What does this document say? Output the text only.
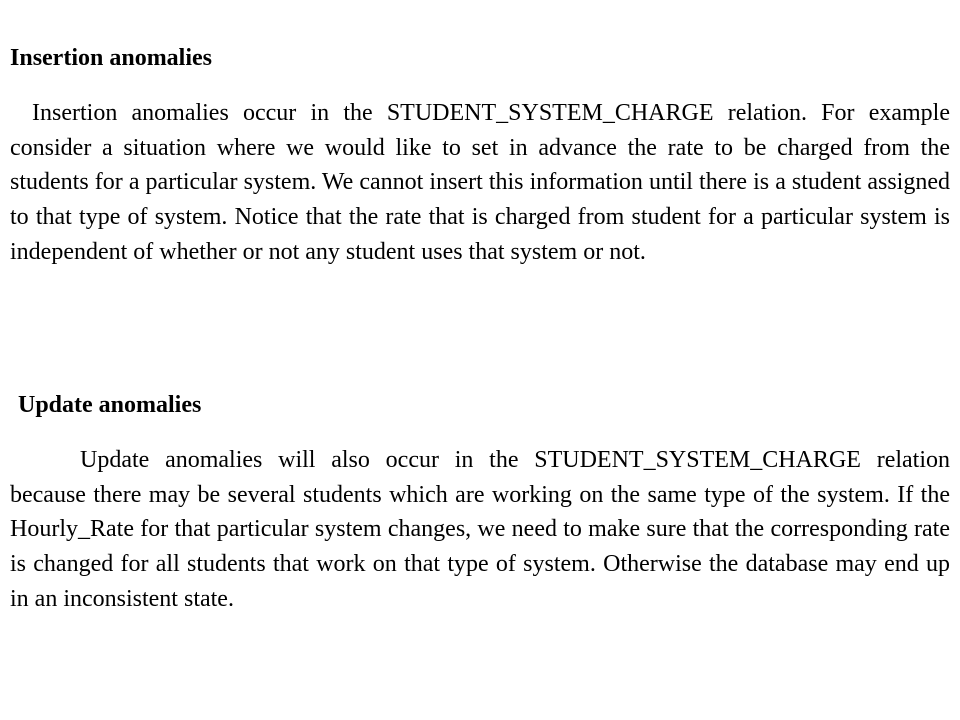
Insertion anomalies

Insertion anomalies occur in the STUDENT_SYSTEM_CHARGE relation. For example consider a situation where we would like to set in advance the rate to be charged from the students for a particular system. We cannot insert this information until there is a student assigned to that type of system. Notice that the rate that is charged from student for a particular system is independent of whether or not any student uses that system or not.

Update anomalies

Update anomalies will also occur in the STUDENT_SYSTEM_CHARGE relation because there may be several students which are working on the same type of the system. If the Hourly_Rate for that particular system changes, we need to make sure that the corresponding rate is changed for all students that work on that type of system. Otherwise the database may end up in an inconsistent state.
